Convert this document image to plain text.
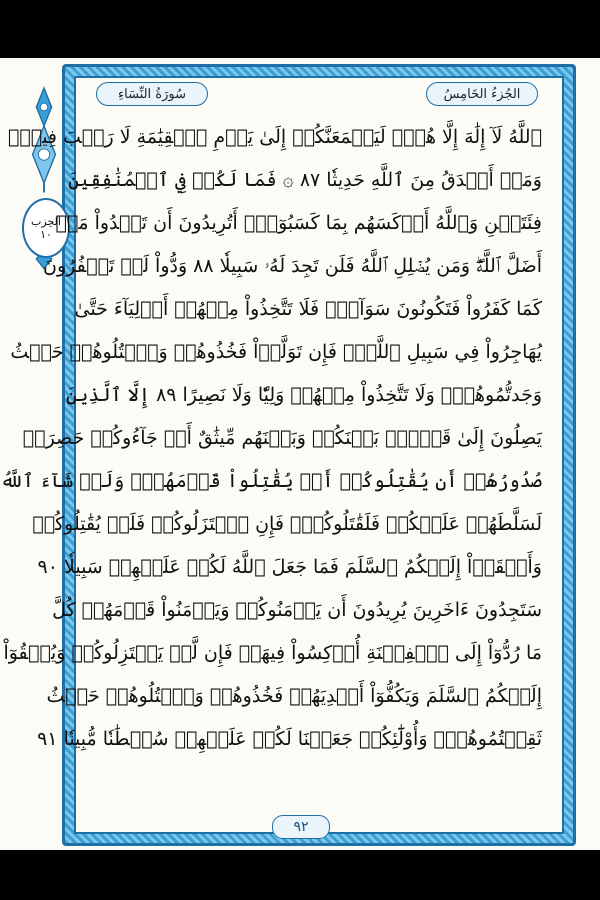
الحِزب
١٠
الجُزءُ الخَامِسُ
سُورَةُ النِّسَاءِ
ٱللَّهُ لَآ إِلَٰهَ إِلَّا هُوَۚ لَيَجۡمَعَنَّكُمۡ إِلَىٰ يَوۡمِ ٱلۡقِيَٰمَةِ لَا رَيۡبَ فِيهِۗ
وَمَنۡ أَصۡدَقُ مِنَ ٱللَّهِ حَدِيثٗا ٨٧ ۞ فَمَا لَكُمۡ فِي ٱلۡمُنَٰفِقِينَ
فِئَتَيۡنِ وَٱللَّهُ أَرۡكَسَهُم بِمَا كَسَبُوٓاْۚ أَتُرِيدُونَ أَن تَهۡدُواْ مَنۡ
أَضَلَّ ٱللَّهُۖ وَمَن يُضۡلِلِ ٱللَّهُ فَلَن تَجِدَ لَهُۥ سَبِيلٗا ٨٨ وَدُّواْ لَوۡ تَكۡفُرُونَ
كَمَا كَفَرُواْ فَتَكُونُونَ سَوَآءٗۖ فَلَا تَتَّخِذُواْ مِنۡهُمۡ أَوۡلِيَآءَ حَتَّىٰ
يُهَاجِرُواْ فِي سَبِيلِ ٱللَّهِۚ فَإِن تَوَلَّوۡاْ فَخُذُوهُمۡ وَٱقۡتُلُوهُمۡ حَيۡثُ
وَجَدتُّمُوهُمۡۖ وَلَا تَتَّخِذُواْ مِنۡهُمۡ وَلِيّٗا وَلَا نَصِيرًا ٨٩ إِلَّا ٱلَّذِينَ
يَصِلُونَ إِلَىٰ قَوۡمِۭ بَيۡنَكُمۡ وَبَيۡنَهُم مِّيثَٰقٌ أَوۡ جَآءُوكُمۡ حَصِرَتۡ
صُدُورُهُمۡ أَن يُقَٰتِلُوكُمۡ أَوۡ يُقَٰتِلُواْ قَوۡمَهُمۡۚ وَلَوۡ شَآءَ ٱللَّهُ
لَسَلَّطَهُمۡ عَلَيۡكُمۡ فَلَقَٰتَلُوكُمۡۚ فَإِنِ ٱعۡتَزَلُوكُمۡ فَلَمۡ يُقَٰتِلُوكُمۡ
وَأَلۡقَوۡاْ إِلَيۡكُمُ ٱلسَّلَمَ فَمَا جَعَلَ ٱللَّهُ لَكُمۡ عَلَيۡهِمۡ سَبِيلٗا ٩٠
سَتَجِدُونَ ءَاخَرِينَ يُرِيدُونَ أَن يَأۡمَنُوكُمۡ وَيَأۡمَنُواْ قَوۡمَهُمۡ كُلَّ
مَا رُدُّوٓاْ إِلَى ٱلۡفِتۡنَةِ أُرۡكِسُواْ فِيهَاۚ فَإِن لَّمۡ يَعۡتَزِلُوكُمۡ وَيُلۡقُوٓاْ
إِلَيۡكُمُ ٱلسَّلَمَ وَيَكُفُّوٓاْ أَيۡدِيَهُمۡ فَخُذُوهُمۡ وَٱقۡتُلُوهُمۡ حَيۡثُ
ثَقِفۡتُمُوهُمۡۚ وَأُوْلَٰٓئِكُمۡ جَعَلۡنَا لَكُمۡ عَلَيۡهِمۡ سُلۡطَٰنٗا مُّبِينٗا ٩١
٩٢
